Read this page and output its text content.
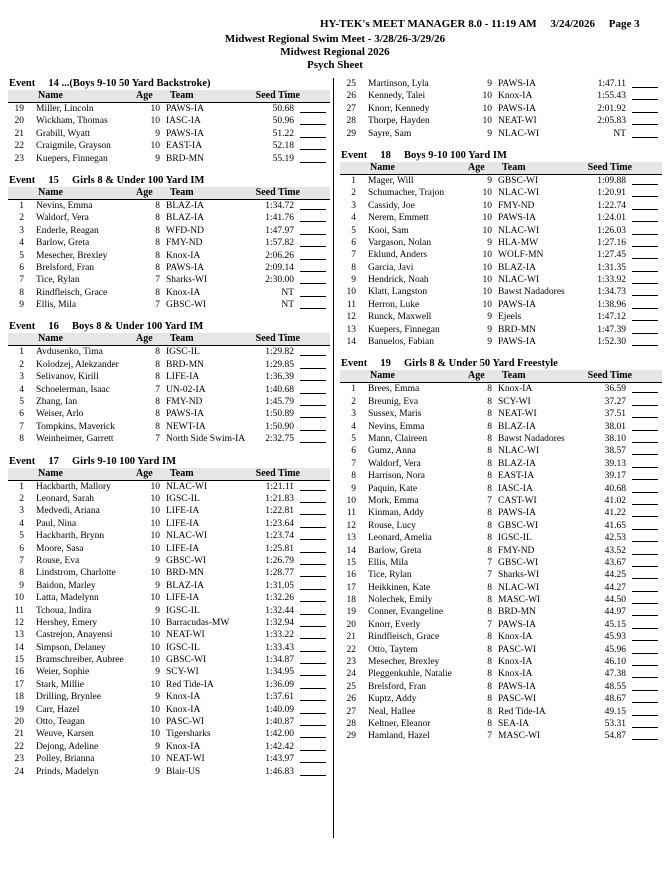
HY-TEK's MEET MANAGER 8.0 - 11:19 AM     3/24/2026     Page 3
Midwest Regional Swim Meet - 3/28/26-3/29/26
Midwest Regional 2026
Psych Sheet
Event     14 ...(Boys 9-10 50 Yard Backstroke)
Name	Age	Team	Seed Time
19 Miller, Lincoln	10 PAWS-IA	50.68
20 Wickham, Thomas	10 IASC-IA	50.96
21 Grabill, Wyatt	9 PAWS-IA	51.22
22 Craigmile, Grayson	10 EAST-IA	52.18
23 Kuepers, Finnegan	9 BRD-MN	55.19
Event     15     Girls 8 & Under 100 Yard IM
Name	Age	Team	Seed Time
1 Nevins, Emma	8 BLAZ-IA	1:34.72
2 Waldorf, Vera	8 BLAZ-IA	1:41.76
3 Enderle, Reagan	8 WFD-ND	1:47.97
4 Barlow, Greta	8 FMY-ND	1:57.82
5 Mesecher, Brexley	8 Knox-IA	2:06.26
6 Brelsford, Fran	8 PAWS-IA	2:09.14
7 Tice, Rylan	7 Sharks-WI	2:30.00
8 Rindfleisch, Grace	8 Knox-IA	NT
9 Ellis, Mila	7 GBSC-WI	NT
Event     16     Boys 8 & Under 100 Yard IM
Name	Age	Team	Seed Time
1 Avdusenko, Tima	8 IGSC-IL	1:29.82
2 Kolodzej, Alekzander	8 BRD-MN	1:29.85
3 Selivanov, Kirill	8 LIFE-IA	1:36.39
4 Schoelerman, Isaac	7 UN-02-IA	1:40.68
5 Zhang, Ian	8 FMY-ND	1:45.79
6 Weiser, Arlo	8 PAWS-IA	1:50.89
7 Tompkins, Maverick	8 NEWT-IA	1:50.90
8 Weinheimer, Garrett	7 North Side Swim-IA	2:32.75
Event     17     Girls 9-10 100 Yard IM
Name	Age	Team	Seed Time
1 Hackbarth, Mallory	10 NLAC-WI	1:21.11
2 Leonard, Sarah	10 IGSC-IL	1:21.83
3 Medvedi, Ariana	10 LIFE-IA	1:22.81
4 Paul, Nina	10 LIFE-IA	1:23.64
5 Hackbarth, Brynn	10 NLAC-WI	1:23.74
6 Moore, Sasa	10 LIFE-IA	1:25.81
7 Rouse, Eva	9 GBSC-WI	1:26.79
8 Lindstrom, Charlotte	10 BRD-MN	1:28.77
9 Baidon, Marley	9 BLAZ-IA	1:31.05
10 Latta, Madelynn	10 LIFE-IA	1:32.26
11 Tchoua, Indira	9 IGSC-IL	1:32.44
12 Hershey, Emery	10 Barracudas-MW	1:32.94
13 Castrejon, Anayensi	10 NEAT-WI	1:33.22
14 Simpson, Delaney	10 IGSC-IL	1:33.43
15 Bramschreiber, Aubree	10 GBSC-WI	1:34.87
16 Weier, Sophie	9 SCY-WI	1:34.95
17 Stark, Millie	10 Red Tide-IA	1:36.09
18 Drilling, Brynlee	9 Knox-IA	1:37.61
19 Carr, Hazel	10 Knox-IA	1:40.09
20 Otto, Teagan	10 PASC-WI	1:40.87
21 Weuve, Karsen	10 Tigersharks	1:42.00
22 Dejong, Adeline	9 Knox-IA	1:42.42
23 Polley, Brianna	10 NEAT-WI	1:43.97
24 Prinds, Madelyn	9 Blair-US	1:46.83
25 Martinson, Lyla	9 PAWS-IA	1:47.11
26 Kennedy, Talei	10 Knox-IA	1:55.43
27 Knorr, Kennedy	10 PAWS-IA	2:01.92
28 Thorpe, Hayden	10 NEAT-WI	2:05.83
29 Sayre, Sam	9 NLAC-WI	NT
Event     18     Boys 9-10 100 Yard IM
Name	Age	Team	Seed Time
1 Mager, Will	9 GBSC-WI	1:09.88
2 Schumacher, Trajon	10 NLAC-WI	1:20.91
3 Cassidy, Joe	10 FMY-ND	1:22.74
4 Nerem, Emmett	10 PAWS-IA	1:24.01
5 Kooi, Sam	10 NLAC-WI	1:26.03
6 Vargason, Nolan	9 HLA-MW	1:27.16
7 Eklund, Anders	10 WOLF-MN	1:27.45
8 Garcia, Javi	10 BLAZ-IA	1:31.35
9 Hendrick, Noah	10 NLAC-WI	1:33.92
10 Klatt, Langston	10 Bawst Nadadores	1:34.73
11 Herron, Luke	10 PAWS-IA	1:38.96
12 Runck, Maxwell	9 Ejeels	1:47.12
13 Kuepers, Finnegan	9 BRD-MN	1:47.39
14 Banuelos, Fabian	9 PAWS-IA	1:52.30
Event     19     Girls 8 & Under 50 Yard Freestyle
Name	Age	Team	Seed Time
1 Brees, Emma	8 Knox-IA	36.59
2 Breunig, Eva	8 SCY-WI	37.27
3 Sussex, Maris	8 NEAT-WI	37.51
4 Nevins, Emma	8 BLAZ-IA	38.01
5 Mann, Claireen	8 Bawst Nadadores	38.10
6 Gumz, Anna	8 NLAC-WI	38.57
7 Waldorf, Vera	8 BLAZ-IA	39.13
8 Harrison, Nora	8 EAST-IA	39.17
9 Paquin, Kate	8 IASC-IA	40.68
10 Mork, Emma	7 CAST-WI	41.02
11 Kinman, Addy	8 PAWS-IA	41.22
12 Rouse, Lucy	8 GBSC-WI	41.65
13 Leonard, Amelia	8 IGSC-IL	42.53
14 Barlow, Greta	8 FMY-ND	43.52
15 Ellis, Mila	7 GBSC-WI	43.67
16 Tice, Rylan	7 Sharks-WI	44.25
17 Heikkinen, Kate	8 NLAC-WI	44.27
18 Nolechek, Emily	8 MASC-WI	44.50
19 Conner, Evangeline	8 BRD-MN	44.97
20 Knorr, Everly	7 PAWS-IA	45.15
21 Rindfleisch, Grace	8 Knox-IA	45.93
22 Otto, Taytem	8 PASC-WI	45.96
23 Mesecher, Brexley	8 Knox-IA	46.10
24 Pleggenkuhle, Natalie	8 Knox-IA	47.38
25 Brelsford, Fran	8 PAWS-IA	48.55
26 Kuptz, Addy	8 PASC-WI	48.67
27 Neal, Hallee	8 Red Tide-IA	49.15
28 Keltner, Eleanor	8 SEA-IA	53.31
29 Hamland, Hazel	7 MASC-WI	54.87
